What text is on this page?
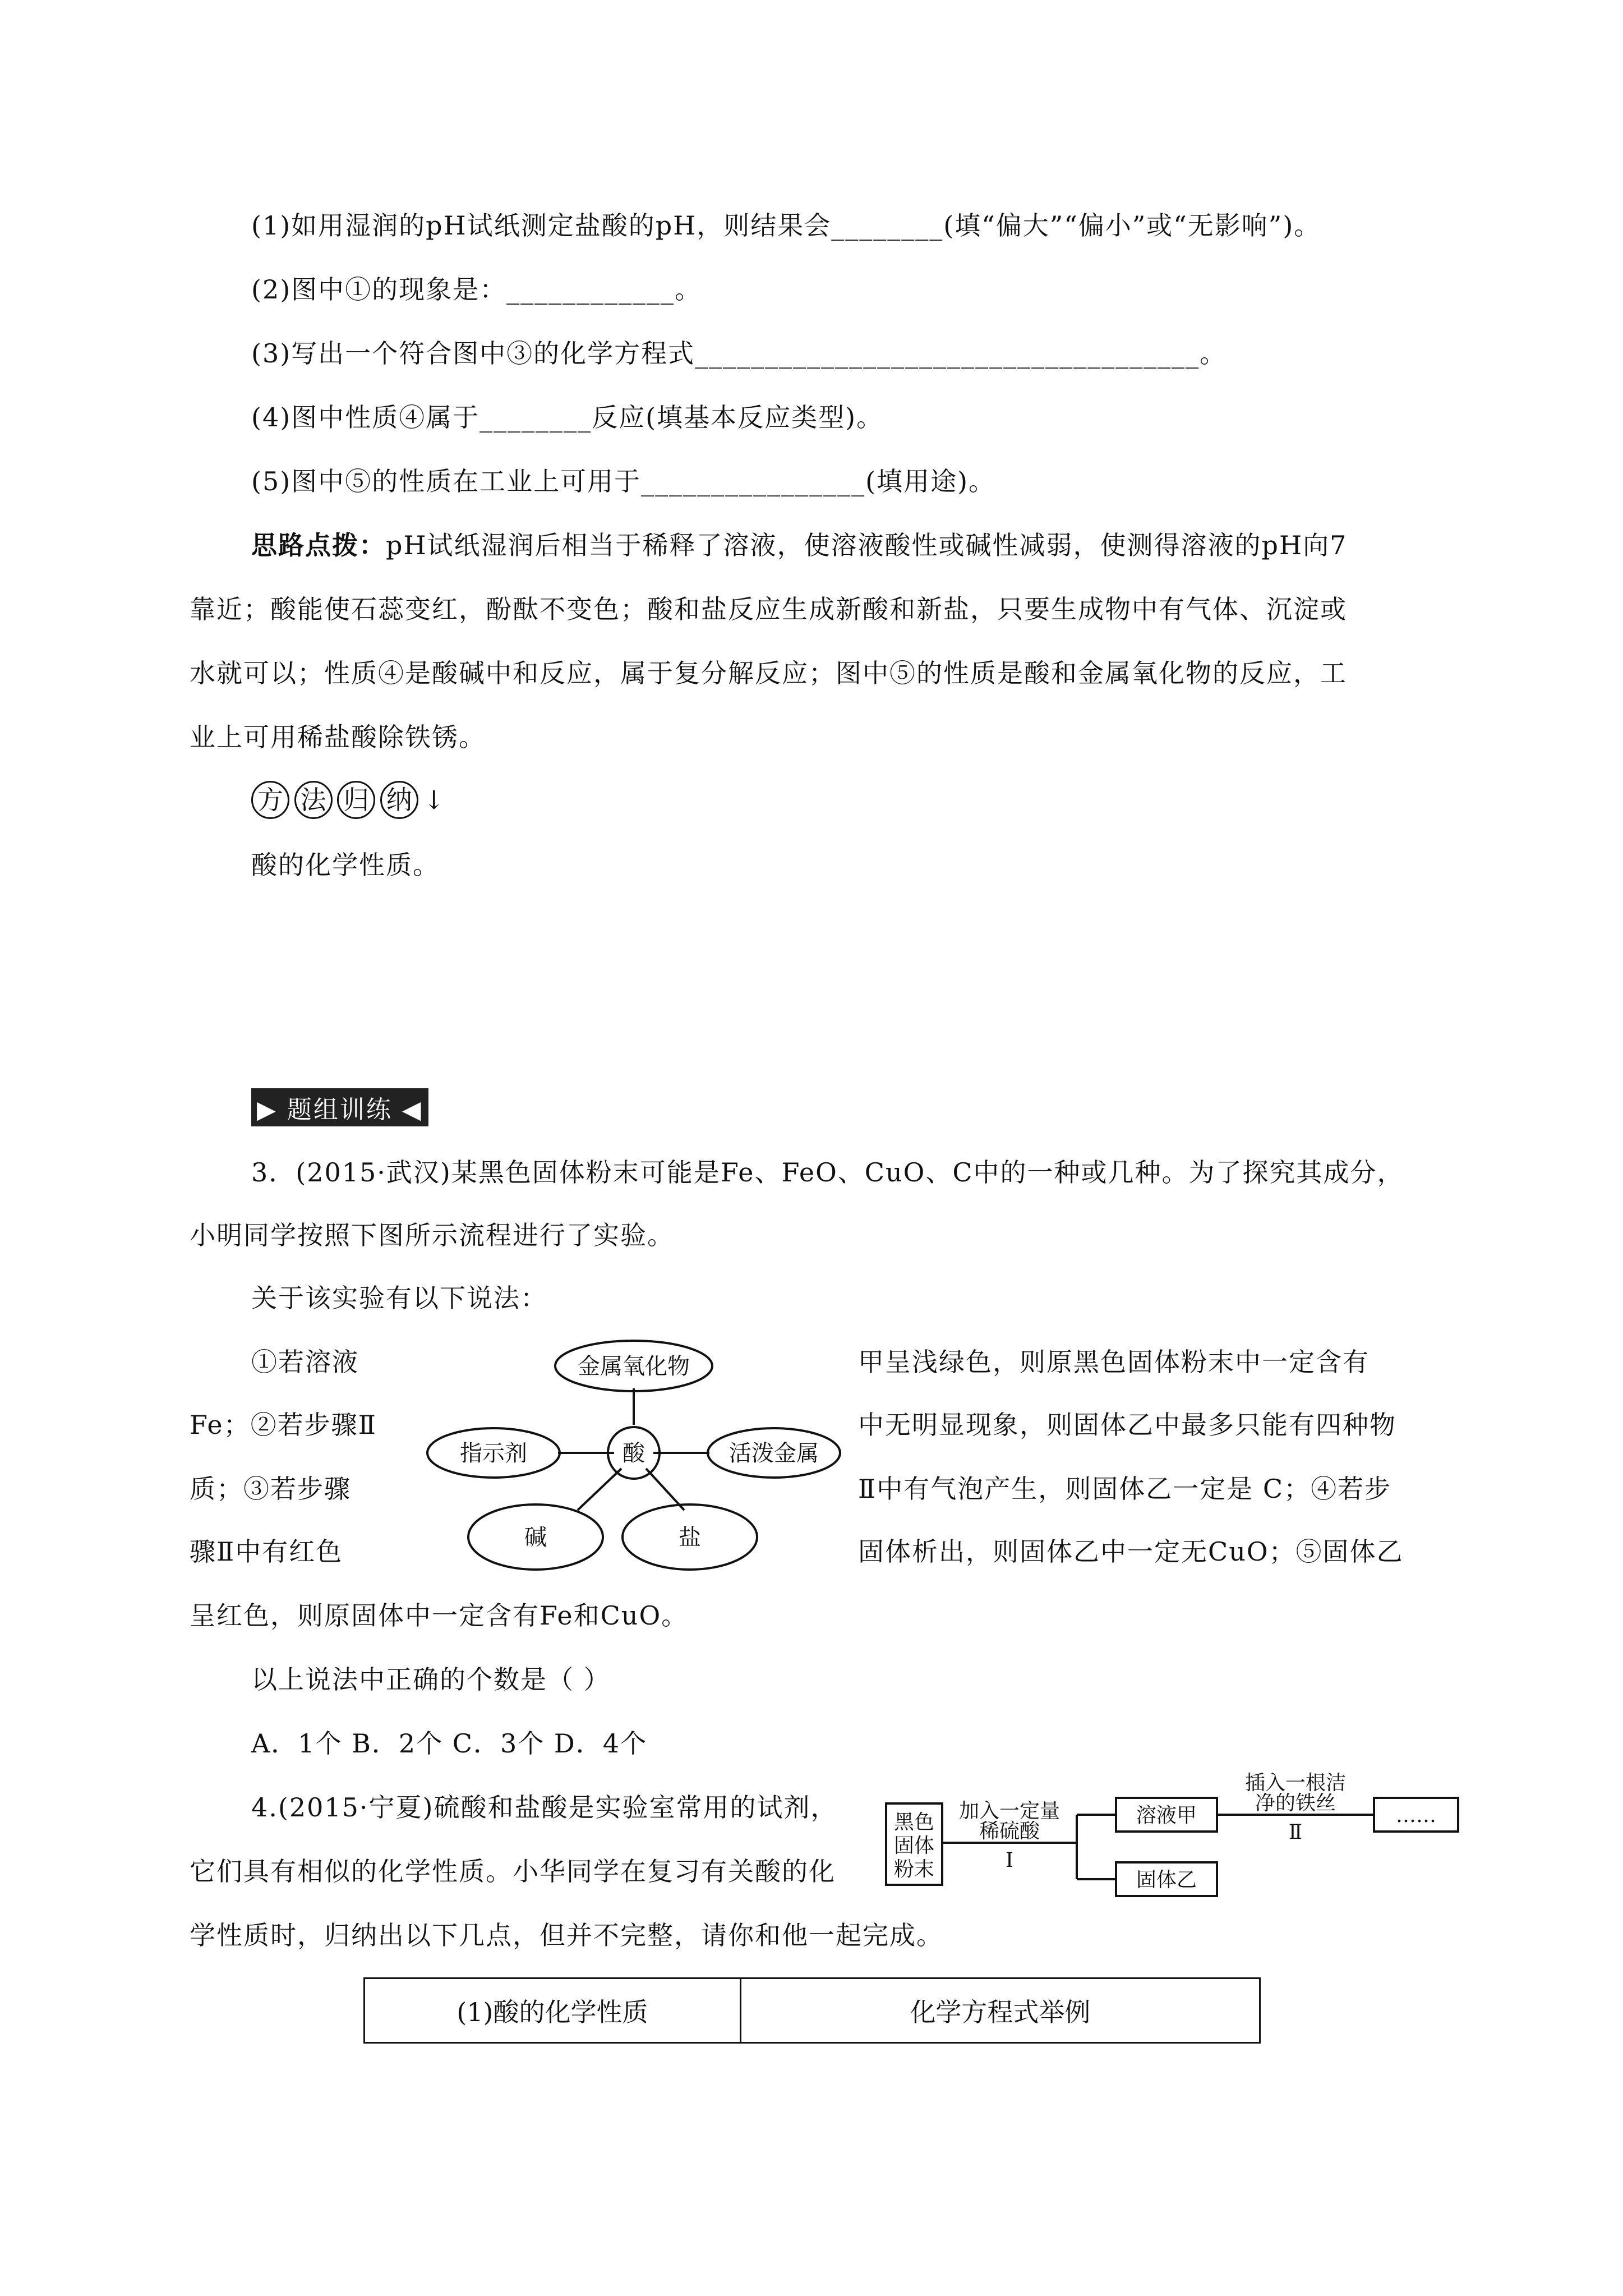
(1)如用湿润的pH试纸测定盐酸的pH，则结果会________(填“偏大”“偏小”或“无影响”)。
(2)图中①的现象是：____________。
(3)写出一个符合图中③的化学方程式____________________________________。
(4)图中性质④属于________反应(填基本反应类型)。
(5)图中⑤的性质在工业上可用于________________(填用途)。
思路点拨：pH试纸湿润后相当于稀释了溶液，使溶液酸性或碱性减弱，使测得溶液的pH向7
靠近；酸能使石蕊变红，酚酞不变色；酸和盐反应生成新酸和新盐，只要生成物中有气体、沉淀或
水就可以；性质④是酸碱中和反应，属于复分解反应；图中⑤的性质是酸和金属氧化物的反应，工
业上可用稀盐酸除铁锈。
方 法 归 纳 ↓
酸的化学性质。
▶ 题组训练 ◀
3．(2015·武汉)某黑色固体粉末可能是Fe、FeO、CuO、C中的一种或几种。为了探究其成分，
小明同学按照下图所示流程进行了实验。
关于该实验有以下说法：
①若溶液	甲呈浅绿色，则原黑色固体粉末中一定含有
Fe；②若步骤Ⅱ	中无明显现象，则固体乙中最多只能有四种物
质；③若步骤	Ⅱ中有气泡产生，则固体乙一定是 C；④若步
骤Ⅱ中有红色	固体析出，则固体乙中一定无CuO；⑤固体乙
呈红色，则原固体中一定含有Fe和CuO。
以上说法中正确的个数是（ ）
A．1个 B．2个 C．3个 D．4个
酸
金属氧化物
指示剂	活泼金属
碱	盐
4.(2015·宁夏)硫酸和盐酸是实验室常用的试剂，
它们具有相似的化学性质。小华同学在复习有关酸的化
学性质时，归纳出以下几点，但并不完整，请你和他一起完成。
黑色
固体
粉末
加入一定量
稀硫酸
Ⅰ
溶液甲
固体乙
插入一根洁
净的铁丝
Ⅱ
……
(1)酸的化学性质	化学方程式举例
